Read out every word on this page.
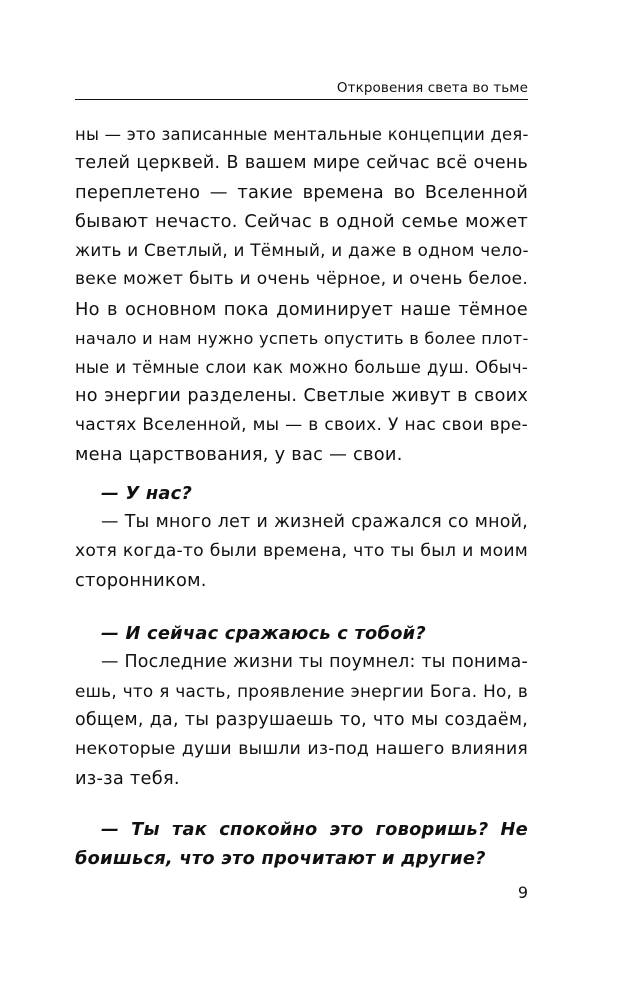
Откровения света во тьме
ны — это записанные ментальные концепции дея-
телей церквей. В вашем мире сейчас всё очень
переплетено — такие времена во Вселенной
бывают нечасто. Сейчас в одной семье может
жить и Светлый, и Тёмный, и даже в одном чело-
веке может быть и очень чёрное, и очень белое.
Но в основном пока доминирует наше тёмное
начало и нам нужно успеть опустить в более плот-
ные и тёмные слои как можно больше душ. Обыч-
но энергии разделены. Светлые живут в своих
частях Вселенной, мы — в своих. У нас свои вре-
мена царствования, у вас — свои.
— У нас?
— Ты много лет и жизней сражался со мной,
хотя когда-то были времена, что ты был и моим
сторонником.
— И сейчас сражаюсь с тобой?
— Последние жизни ты поумнел: ты понима-
ешь, что я часть, проявление энергии Бога. Но, в
общем, да, ты разрушаешь то, что мы создаём,
некоторые души вышли из-под нашего влияния
из-за тебя.
— Ты так спокойно это говоришь? Не
боишься, что это прочитают и другие?
9
